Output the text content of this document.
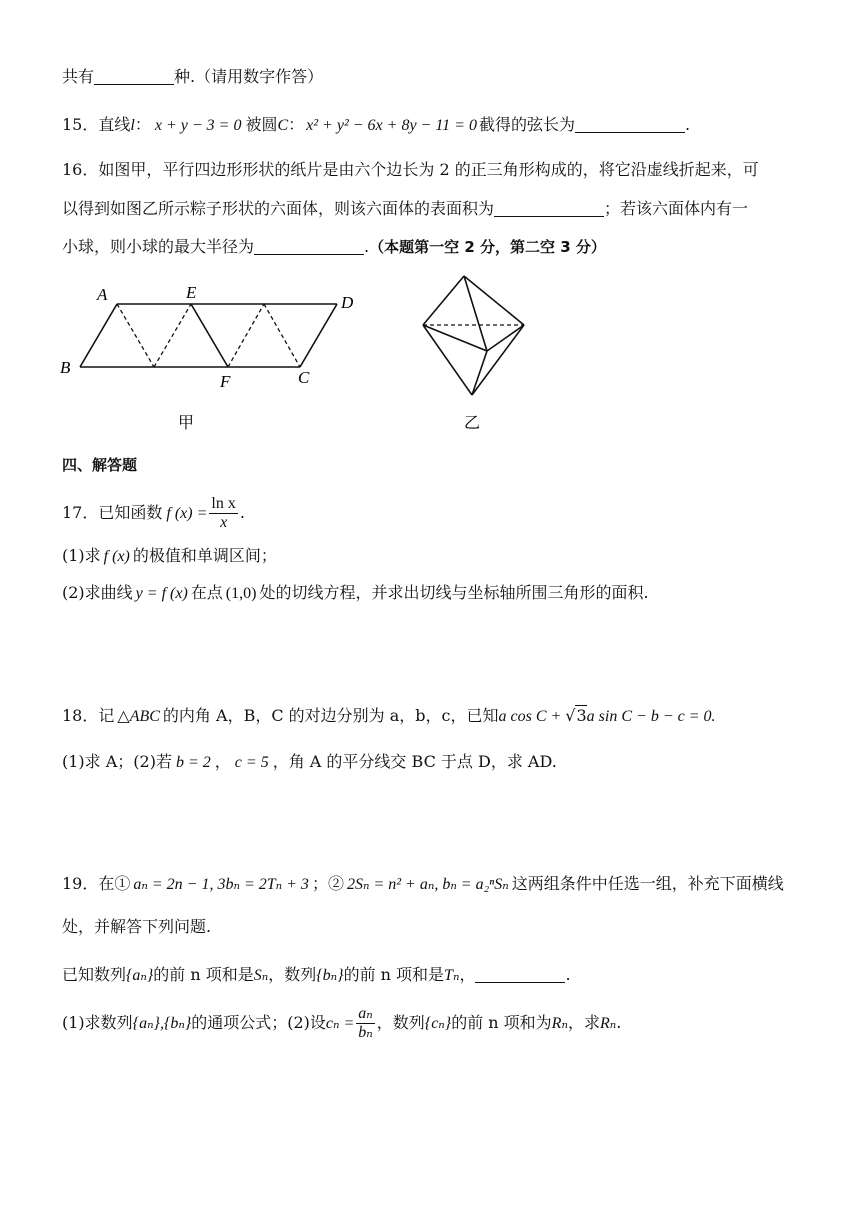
共有	种.（请用数字作答）
15．直线l： x + y − 3 = 0 被圆C： x² + y² − 6x + 8y − 11 = 0 截得的弦长为	.
16．如图甲，平行四边形形状的纸片是由六个边长为 2 的正三角形构成的，将它沿虚线折起来，可
以得到如图乙所示粽子形状的六面体，则该六面体的表面积为	；若该六面体内有一
小球，则小球的最大半径为	.（本题第一空 2 分，第二空 3 分）
A	E
D
B
F	C
甲	乙
四、解答题
17．已知函数 f $(x) = \frac{\text{ln x}}{x}$ .
(1)求 f (x) 的极值和单调区间；
(2)求曲线 y = f (x) 在点 (1,0) 处的切线方程，并求出切线与坐标轴所围三角形的面积.
18．记 △ABC 的内角 A，B，C 的对边分别为 a，b，c，已知a cos C + √3a sin C − b − c = 0.
(1)求 A；(2)若 b = 2 ， c = 5 ，角 A 的平分线交 BC 于点 D，求 AD.
19．在① aₙ = 2n − 1, 3bₙ = 2Tₙ + 3 ；② 2Sₙ = n² + aₙ, bₙ = a₂ⁿSₙ 这两组条件中任选一组，补充下面横线
处，并解答下列问题.
已知数列{aₙ}的前 n 项和是Sₙ，数列{bₙ}的前 n 项和是Tₙ，	.
(1)求数列{aₙ},{bₙ}的通项公式；(2)设$c_n = \frac{\text{aₙ}}{\text{bₙ}}$ ，数列{cₙ}的前 n 项和为Rₙ，求Rₙ.
